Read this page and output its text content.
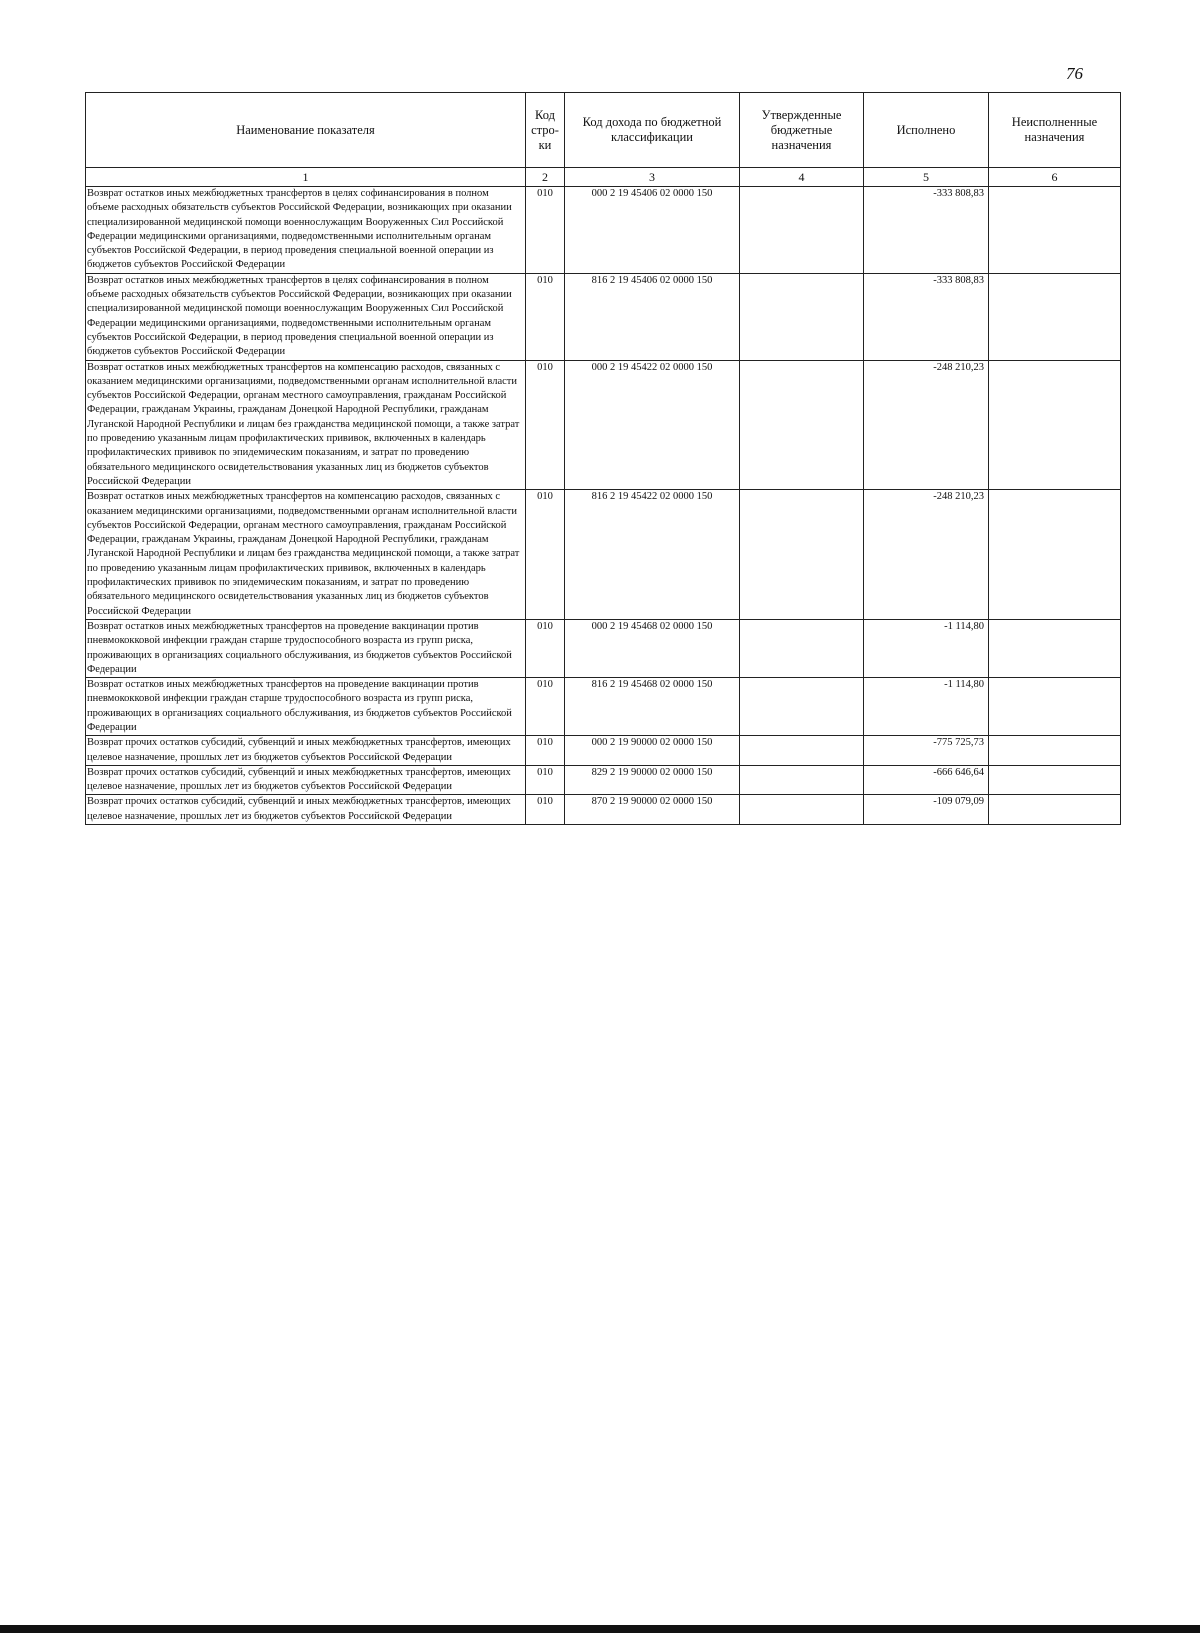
76
Наименование показателя	Код стро- ки	Код дохода по бюджетной классификации	Утвержденные бюджетные назначения	Исполнено	Неисполненные назначения
1	2	3	4	5	6
Возврат остатков иных межбюджетных трансфертов в целях софинансирования в полном объеме расходных обязательств субъектов Российской Федерации, возникающих при оказании специализированной медицинской помощи военнослужащим Вооруженных Сил Российской Федерации медицинскими организациями, подведомственными исполнительным органам субъектов Российской Федерации, в период проведения специальной военной операции из бюджетов субъектов Российской Федерации	010	000 2 19 45406 02 0000 150		-333 808,83	
Возврат остатков иных межбюджетных трансфертов в целях софинансирования в полном объеме расходных обязательств субъектов Российской Федерации, возникающих при оказании специализированной медицинской помощи военнослужащим Вооруженных Сил Российской Федерации медицинскими организациями, подведомственными исполнительным органам субъектов Российской Федерации, в период проведения специальной военной операции из бюджетов субъектов Российской Федерации	010	816 2 19 45406 02 0000 150		-333 808,83	
Возврат остатков иных межбюджетных трансфертов на компенсацию расходов, связанных с оказанием медицинскими организациями, подведомственными органам исполнительной власти субъектов Российской Федерации, органам местного самоуправления, гражданам Российской Федерации, гражданам Украины, гражданам Донецкой Народной Республики, гражданам Луганской Народной Республики и лицам без гражданства медицинской помощи, а также затрат по проведению указанным лицам профилактических прививок, включенных в календарь профилактических прививок по эпидемическим показаниям, и затрат по проведению обязательного медицинского освидетельствования указанных лиц из бюджетов субъектов Российской Федерации	010	000 2 19 45422 02 0000 150		-248 210,23	
Возврат остатков иных межбюджетных трансфертов на компенсацию расходов, связанных с оказанием медицинскими организациями, подведомственными органам исполнительной власти субъектов Российской Федерации, органам местного самоуправления, гражданам Российской Федерации, гражданам Украины, гражданам Донецкой Народной Республики, гражданам Луганской Народной Республики и лицам без гражданства медицинской помощи, а также затрат по проведению указанным лицам профилактических прививок, включенных в календарь профилактических прививок по эпидемическим показаниям, и затрат по проведению обязательного медицинского освидетельствования указанных лиц из бюджетов субъектов Российской Федерации	010	816 2 19 45422 02 0000 150		-248 210,23	
Возврат остатков иных межбюджетных трансфертов на проведение вакцинации против пневмококковой инфекции граждан старше трудоспособного возраста из групп риска, проживающих в организациях социального обслуживания, из бюджетов субъектов Российской Федерации	010	000 2 19 45468 02 0000 150		-1 114,80	
Возврат остатков иных межбюджетных трансфертов на проведение вакцинации против пневмококковой инфекции граждан старше трудоспособного возраста из групп риска, проживающих в организациях социального обслуживания, из бюджетов субъектов Российской Федерации	010	816 2 19 45468 02 0000 150		-1 114,80	
Возврат прочих остатков субсидий, субвенций и иных межбюджетных трансфертов, имеющих целевое назначение, прошлых лет из бюджетов субъектов Российской Федерации	010	000 2 19 90000 02 0000 150		-775 725,73	
Возврат прочих остатков субсидий, субвенций и иных межбюджетных трансфертов, имеющих целевое назначение, прошлых лет из бюджетов субъектов Российской Федерации	010	829 2 19 90000 02 0000 150		-666 646,64	
Возврат прочих остатков субсидий, субвенций и иных межбюджетных трансфертов, имеющих целевое назначение, прошлых лет из бюджетов субъектов Российской Федерации	010	870 2 19 90000 02 0000 150		-109 079,09	
